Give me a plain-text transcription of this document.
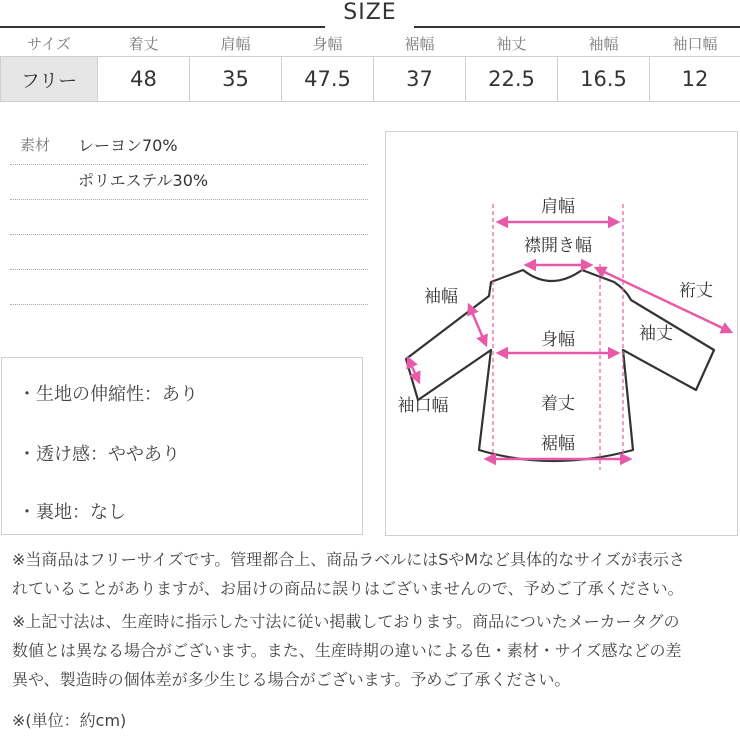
SIZE
サイズ	着丈	肩幅	身幅	裾幅	袖丈	袖幅	袖口幅
フリー	48	35	47.5	37	22.5	16.5	12
素材 レーヨン70%
ポリエステル30%
・生地の伸縮性：あり
・透け感：ややあり
・裏地：なし
肩幅
襟開き幅
裄丈
袖幅
袖丈
身幅
袖口幅	着丈
裾幅
※当商品はフリーサイズです。管理都合上、商品ラベルにはSやMなど具体的なサイズが表示さ
れていることがありますが、お届けの商品に誤りはございませんので、予めご了承ください。
※上記寸法は、生産時に指示した寸法に従い掲載しております。商品についたメーカータグの
数値とは異なる場合がございます。また、生産時期の違いによる色・素材・サイズ感などの差
異や、製造時の個体差が多少生じる場合がございます。予めご了承ください。
※(単位：約cm)
